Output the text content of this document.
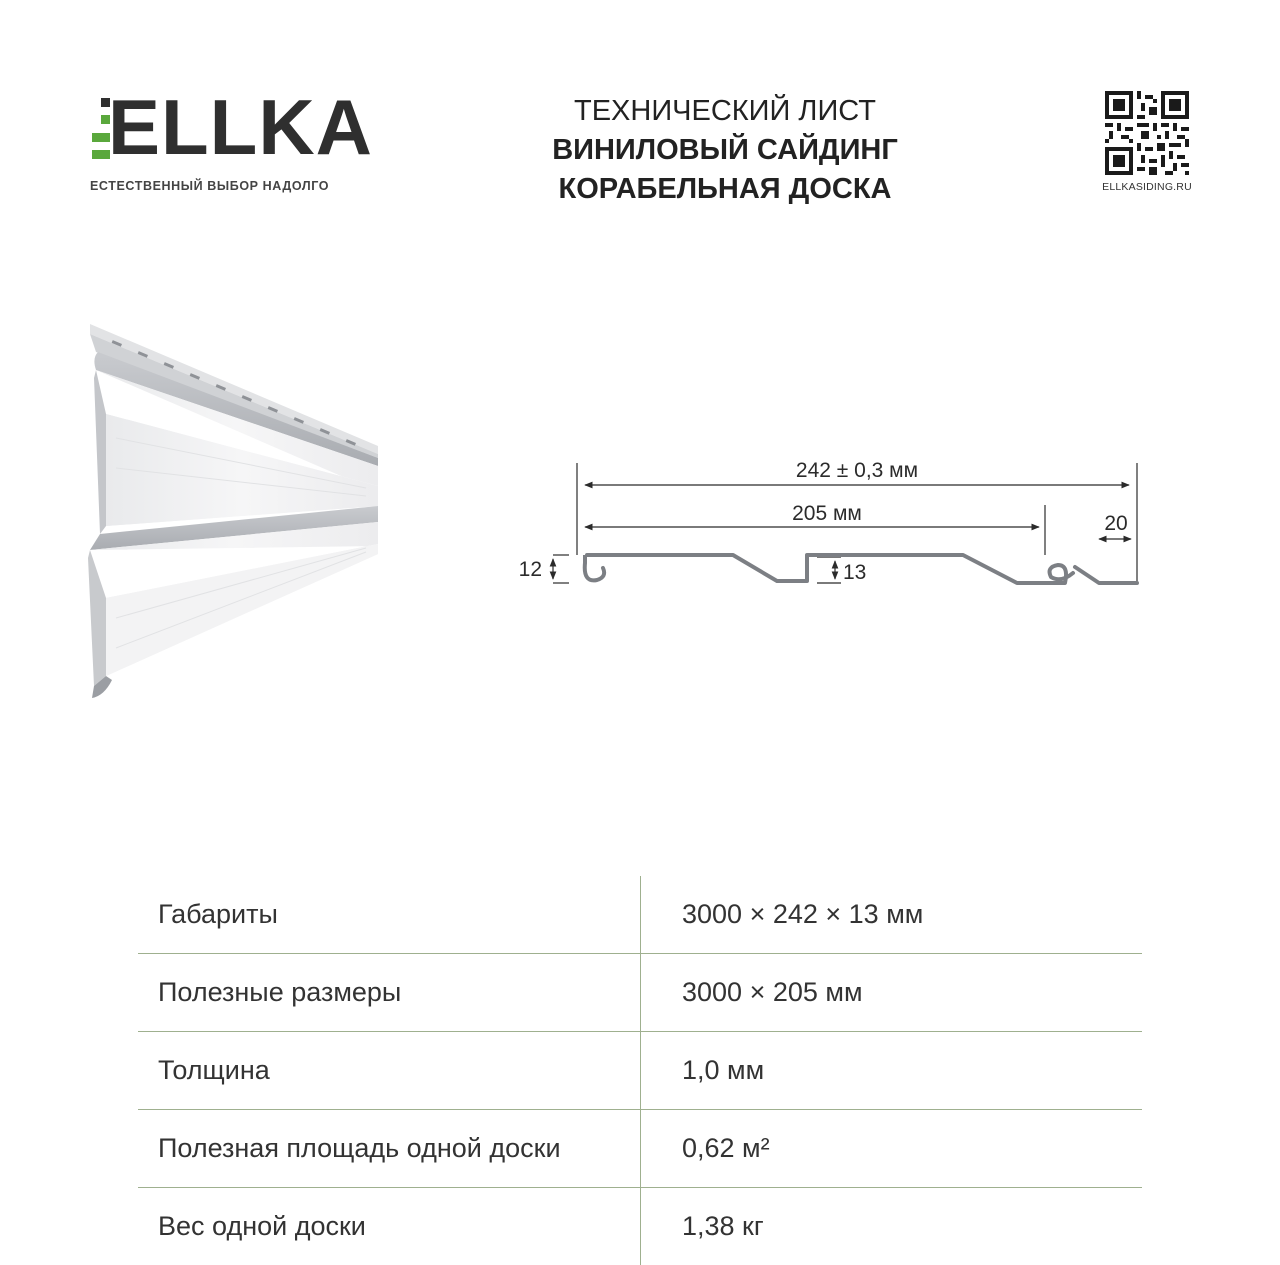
ELLKA
ЕСТЕСТВЕННЫЙ ВЫБОР НАДОЛГО
ТЕХНИЧЕСКИЙ ЛИСТ
ВИНИЛОВЫЙ САЙДИНГ
КОРАБЕЛЬНАЯ ДОСКА	ELLKASIDING.RU
242 ± 0,3 мм
205 мм	20
12	13
Габариты	3000 × 242 × 13 мм
Полезные размеры	3000 × 205 мм
Толщина	1,0 мм
Полезная площадь одной доски	0,62 м²
Вес одной доски	1,38 кг
